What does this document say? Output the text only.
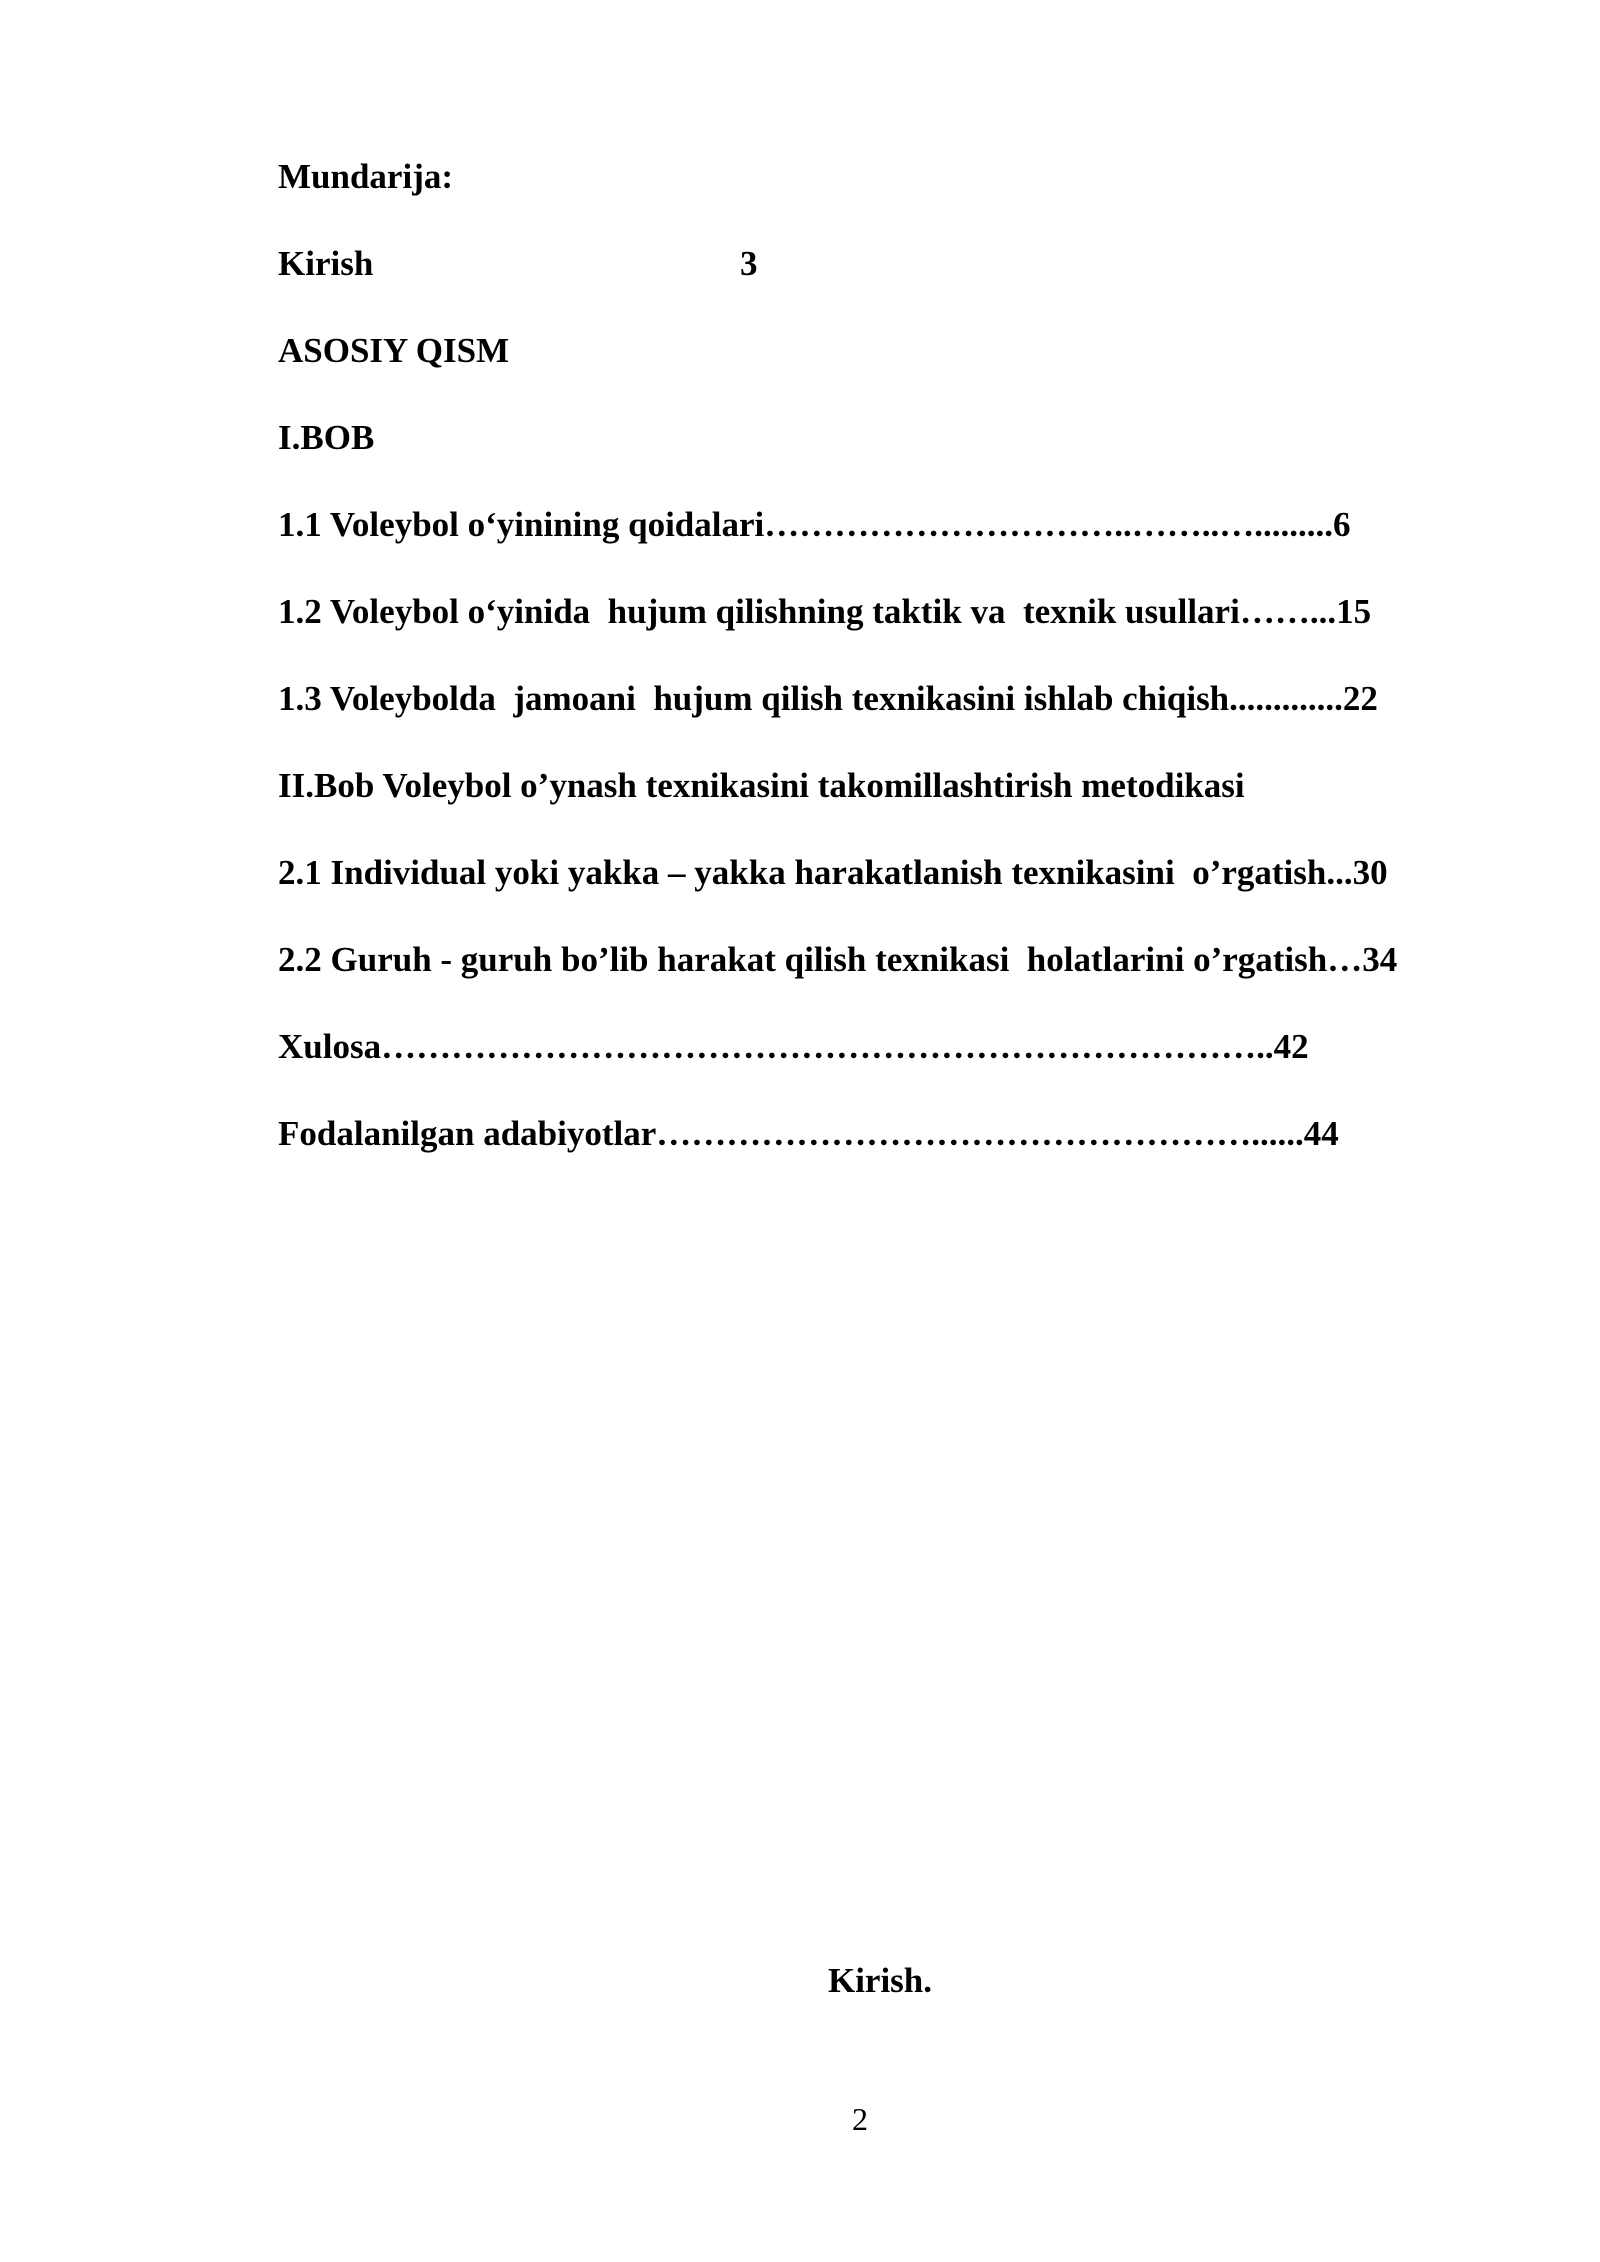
Mundarija:
Kirish	3
ASOSIY QISM
I.BOB
1.1 Voleybol o‘yinining qoidalari…………………………..……..….........6
1.2 Voleybol o‘yinida  hujum qilishning taktik va  texnik usullari……...15
1.3 Voleybolda  jamoani  hujum qilish texnikasini ishlab chiqish.............22
II.Bob Voleybol o’ynash texnikasini takomillashtirish metodikasi
2.1 Individual yoki yakka – yakka harakatlanish texnikasini  o’rgatish...30
2.2 Guruh - guruh bo’lib harakat qilish texnikasi  holatlarini o’rgatish…34
Xulosa…………………………………………………………………..42
Fodalanilgan adabiyotlar……………………………………………......44
Kirish.
2
